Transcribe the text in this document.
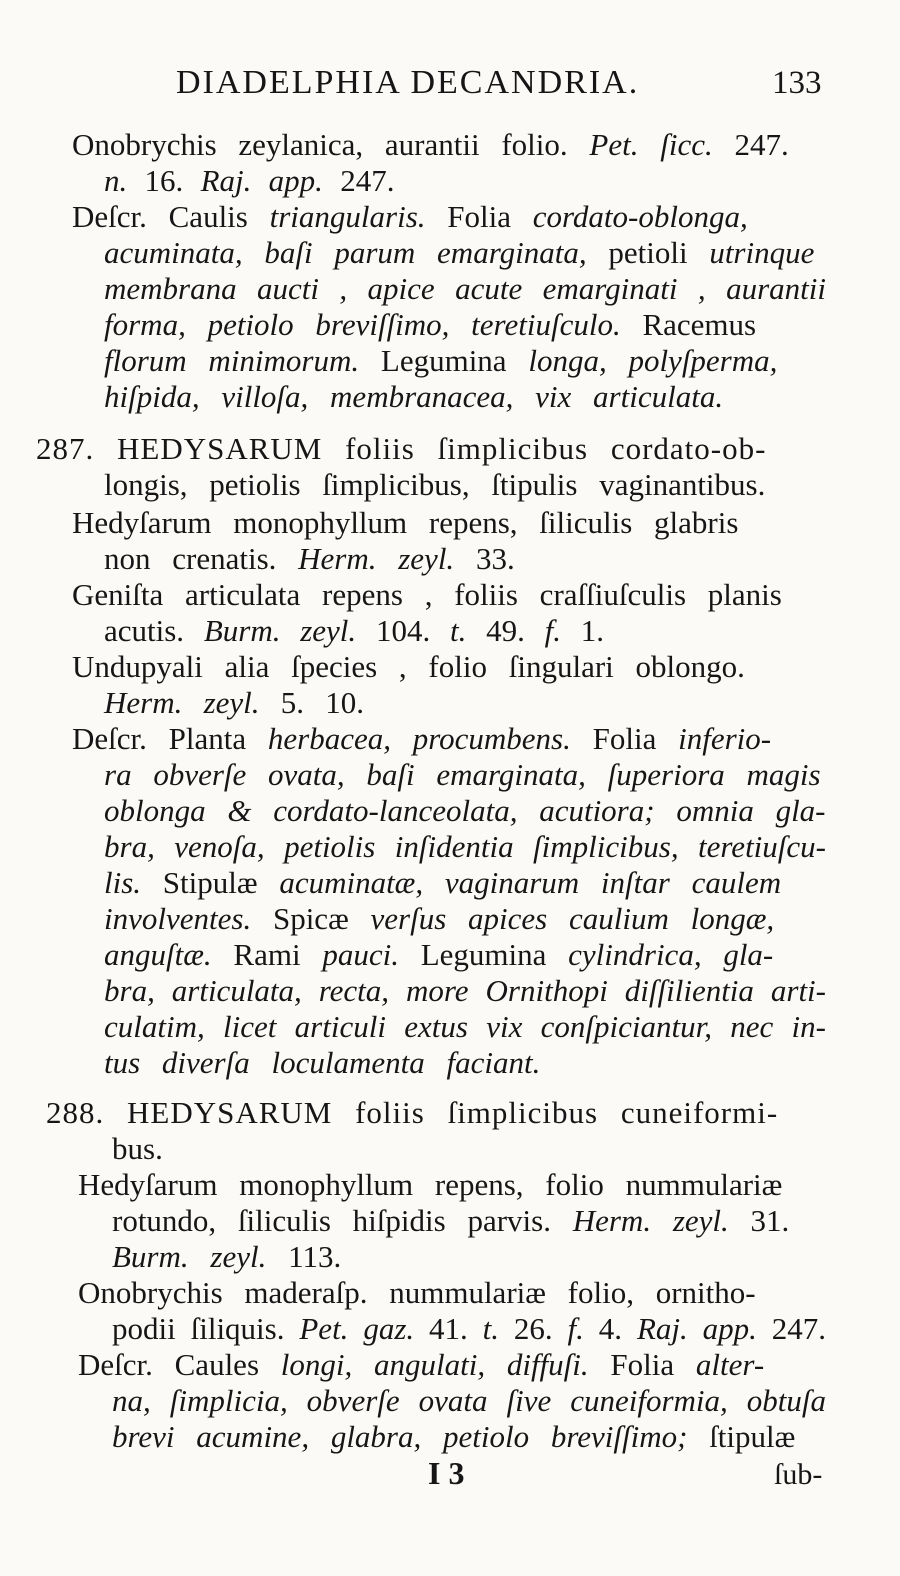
DIADELPHIA DECANDRIA.	133
Onobrychis zeylanica, aurantii folio. Pet. ſicc. 247.
n. 16. Raj. app. 247.
Deſcr. Caulis triangularis. Folia cordato-oblonga,
acuminata, baſi parum emarginata, petioli utrinque
membrana aucti , apice acute emarginati , aurantii
forma, petiolo breviſſimo, teretiuſculo. Racemus
florum minimorum. Legumina longa, polyſperma,
hiſpida, villoſa, membranacea, vix articulata.
287. HEDYSARUM foliis ſimplicibus cordato-ob-
longis, petiolis ſimplicibus, ſtipulis vaginantibus.
Hedyſarum monophyllum repens, ſiliculis glabris
non crenatis. Herm. zeyl. 33.
Geniſta articulata repens , foliis craſſiuſculis planis
acutis. Burm. zeyl. 104. t. 49. f. 1.
Undupyali alia ſpecies , folio ſingulari oblongo.
Herm. zeyl. 5. 10.
Deſcr. Planta herbacea, procumbens. Folia inferio-
ra obverſe ovata, baſi emarginata, ſuperiora magis
oblonga & cordato-lanceolata, acutiora; omnia gla-
bra, venoſa, petiolis inſidentia ſimplicibus, teretiuſcu-
lis. Stipulæ acuminatæ, vaginarum inſtar caulem
involventes. Spicæ verſus apices caulium longæ,
anguſtæ. Rami pauci. Legumina cylindrica, gla-
bra, articulata, recta, more Ornithopi diſſilientia arti-
culatim, licet articuli extus vix conſpiciantur, nec in-
tus diverſa loculamenta faciant.
288. HEDYSARUM foliis ſimplicibus cuneiformi-
bus.
Hedyſarum monophyllum repens, folio nummulariæ
rotundo, ſiliculis hiſpidis parvis. Herm. zeyl. 31.
Burm. zeyl. 113.
Onobrychis maderaſp. nummulariæ folio, ornitho-
podii ſiliquis. Pet. gaz. 41. t. 26. f. 4. Raj. app. 247.
Deſcr. Caules longi, angulati, diffuſi. Folia alter-
na, ſimplicia, obverſe ovata ſive cuneiformia, obtuſa
brevi acumine, glabra, petiolo breviſſimo; ſtipulæ
I 3	ſub-
